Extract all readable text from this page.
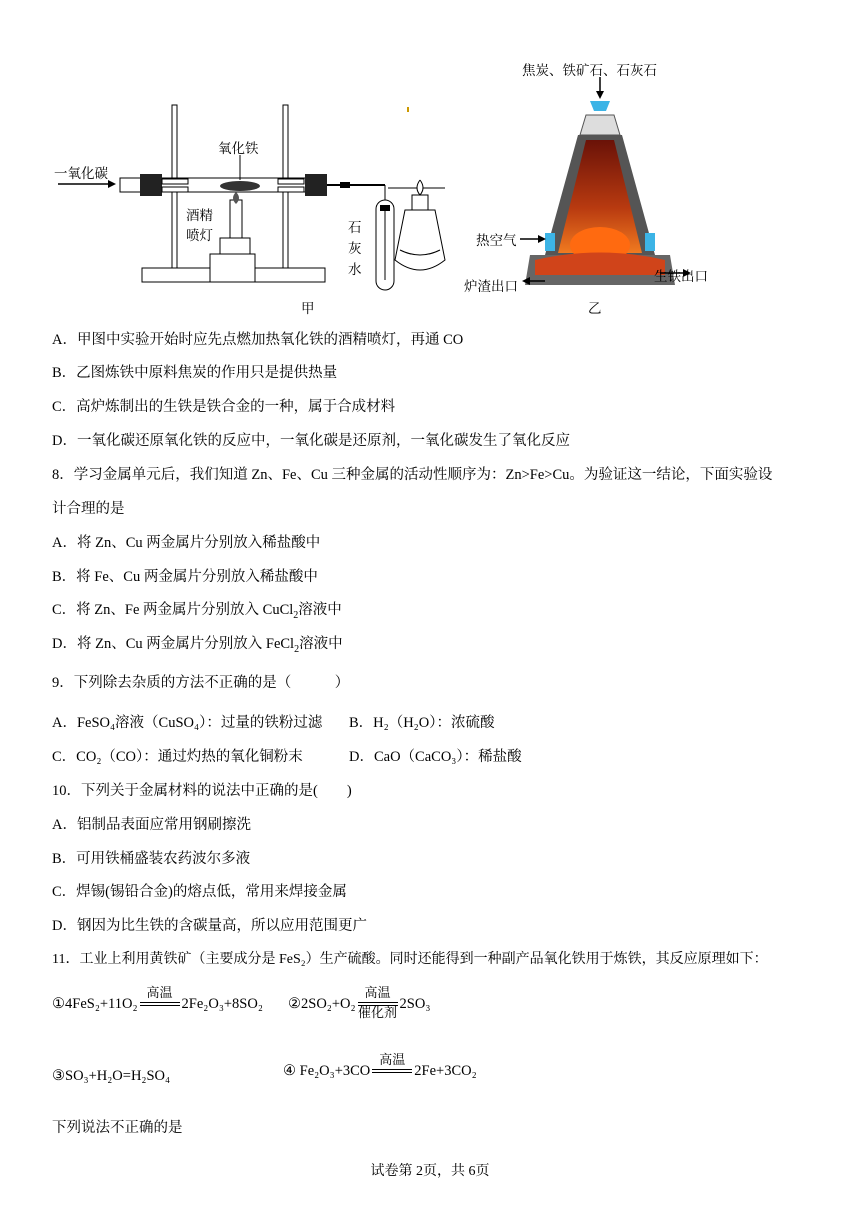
一氧化碳
氧化铁
酒精
喷灯	石
灰
水
甲
焦炭、铁矿石、石灰石
热空气
生铁出口
炉渣出口
乙
A．甲图中实验开始时应先点燃加热氧化铁的酒精喷灯，再通 CO
B．乙图炼铁中原料焦炭的作用只是提供热量
C．高炉炼制出的生铁是铁合金的一种，属于合成材料
D．一氧化碳还原氧化铁的反应中，一氧化碳是还原剂，一氧化碳发生了氧化反应
8．学习金属单元后，我们知道 Zn、Fe、Cu 三种金属的活动性顺序为：Zn>Fe>Cu。为验证这一结论，下面实验设
计合理的是
A．将 Zn、Cu 两金属片分别放入稀盐酸中
B．将 Fe、Cu 两金属片分别放入稀盐酸中
C．将 Zn、Fe 两金属片分别放入 CuCl$_2$溶液中
D．将 Zn、Cu 两金属片分别放入 FeCl$_2$溶液中
9．下列除去杂质的方法不正确的是（　　　）
A．FeSO₄溶液（CuSO₄）：过量的铁粉过滤 B．H₂（H₂O）：浓硫酸
C．CO₂（CO）：通过灼热的氧化铜粉末	D．CaO（CaCO₃）：稀盐酸
10．下列关于金属材料的说法中正确的是(　　)
A．铝制品表面应常用钢刷擦洗
B．可用铁桶盛装农药波尔多液
C．焊锡(锡铅合金)的熔点低，常用来焊接金属
D．钢因为比生铁的含碳量高，所以应用范围更广
11．工业上利用黄铁矿（主要成分是 FeS₂）生产硫酸。同时还能得到一种副产品氧化铁用于炼铁，其反应原理如下：
①4FeS₂+11O₂
高温

2Fe₂O₃+8SO₂ ②2SO₂+O₂
高温
催化剂
2SO₃
③SO₃+H₂O=H₂SO₄	④ Fe₂O₃+3CO
高温

2Fe+3CO₂
下列说法不正确的是
试卷第 2页，共 6页
